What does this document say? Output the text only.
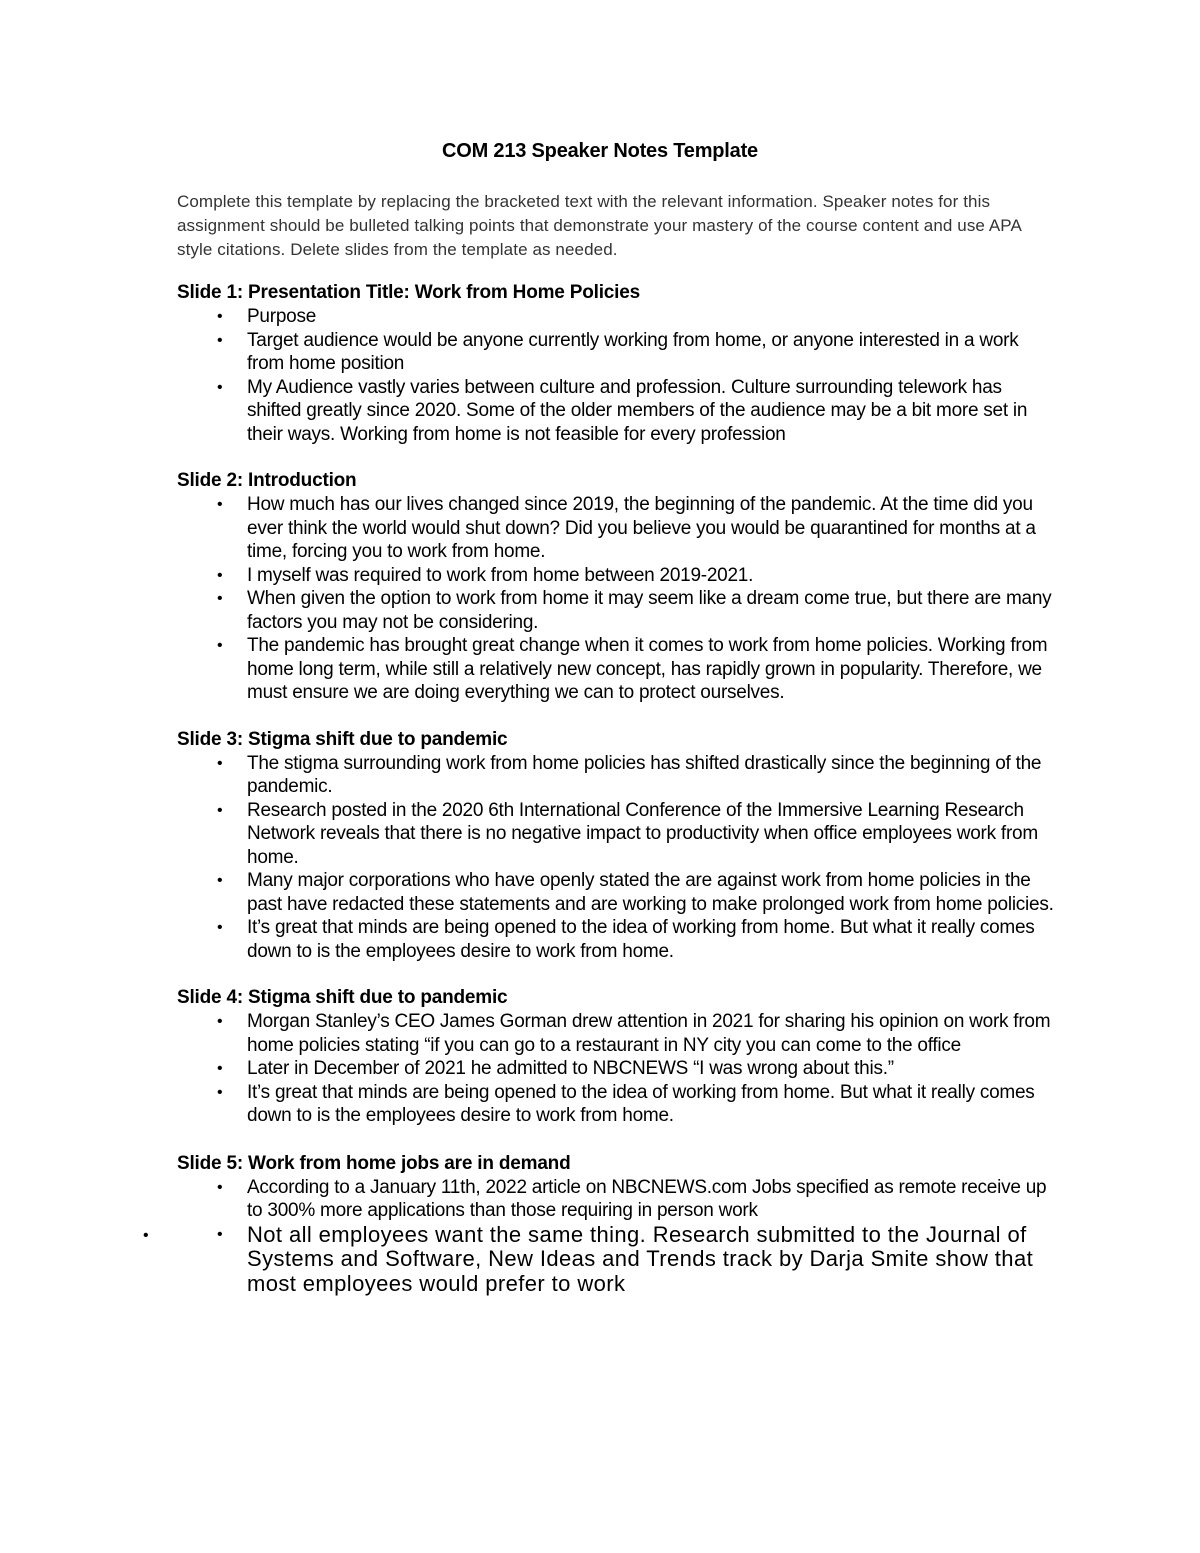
COM 213 Speaker Notes Template
Complete this template by replacing the bracketed text with the relevant information. Speaker notes for this assignment should be bulleted talking points that demonstrate your mastery of the course content and use APA style citations. Delete slides from the template as needed.
Slide 1: Presentation Title: Work from Home Policies
• Purpose
• Target audience would be anyone currently working from home, or anyone interested in a work from home position
• My Audience vastly varies between culture and profession. Culture surrounding telework has shifted greatly since 2020. Some of the older members of the audience may be a bit more set in their ways. Working from home is not feasible for every profession
Slide 2: Introduction
• How much has our lives changed since 2019, the beginning of the pandemic. At the time did you ever think the world would shut down? Did you believe you would be quarantined for months at a time, forcing you to work from home.
• I myself was required to work from home between 2019-2021.
• When given the option to work from home it may seem like a dream come true, but there are many factors you may not be considering.
• The pandemic has brought great change when it comes to work from home policies. Working from home long term, while still a relatively new concept, has rapidly grown in popularity. Therefore, we must ensure we are doing everything we can to protect ourselves.
Slide 3: Stigma shift due to pandemic
• The stigma surrounding work from home policies has shifted drastically since the beginning of the pandemic.
• Research posted in the 2020 6th International Conference of the Immersive Learning Research Network reveals that there is no negative impact to productivity when office employees work from home.
• Many major corporations who have openly stated the are against work from home policies in the past have redacted these statements and are working to make prolonged work from home policies.
• It’s great that minds are being opened to the idea of working from home. But what it really comes down to is the employees desire to work from home.
Slide 4: Stigma shift due to pandemic
• Morgan Stanley’s CEO James Gorman drew attention in 2021 for sharing his opinion on work from home policies stating “if you can go to a restaurant in NY city you can come to the office
• Later in December of 2021 he admitted to NBCNEWS “I was wrong about this.”
• It’s great that minds are being opened to the idea of working from home. But what it really comes down to is the employees desire to work from home.
Slide 5: Work from home jobs are in demand
• According to a January 11th, 2022 article on NBCNEWS.com Jobs specified as remote receive up to 300% more applications than those requiring in person work
• Not all employees want the same thing. Research submitted to the Journal of Systems and Software, New Ideas and Trends track by Darja Smite show that most employees would prefer to work
•
